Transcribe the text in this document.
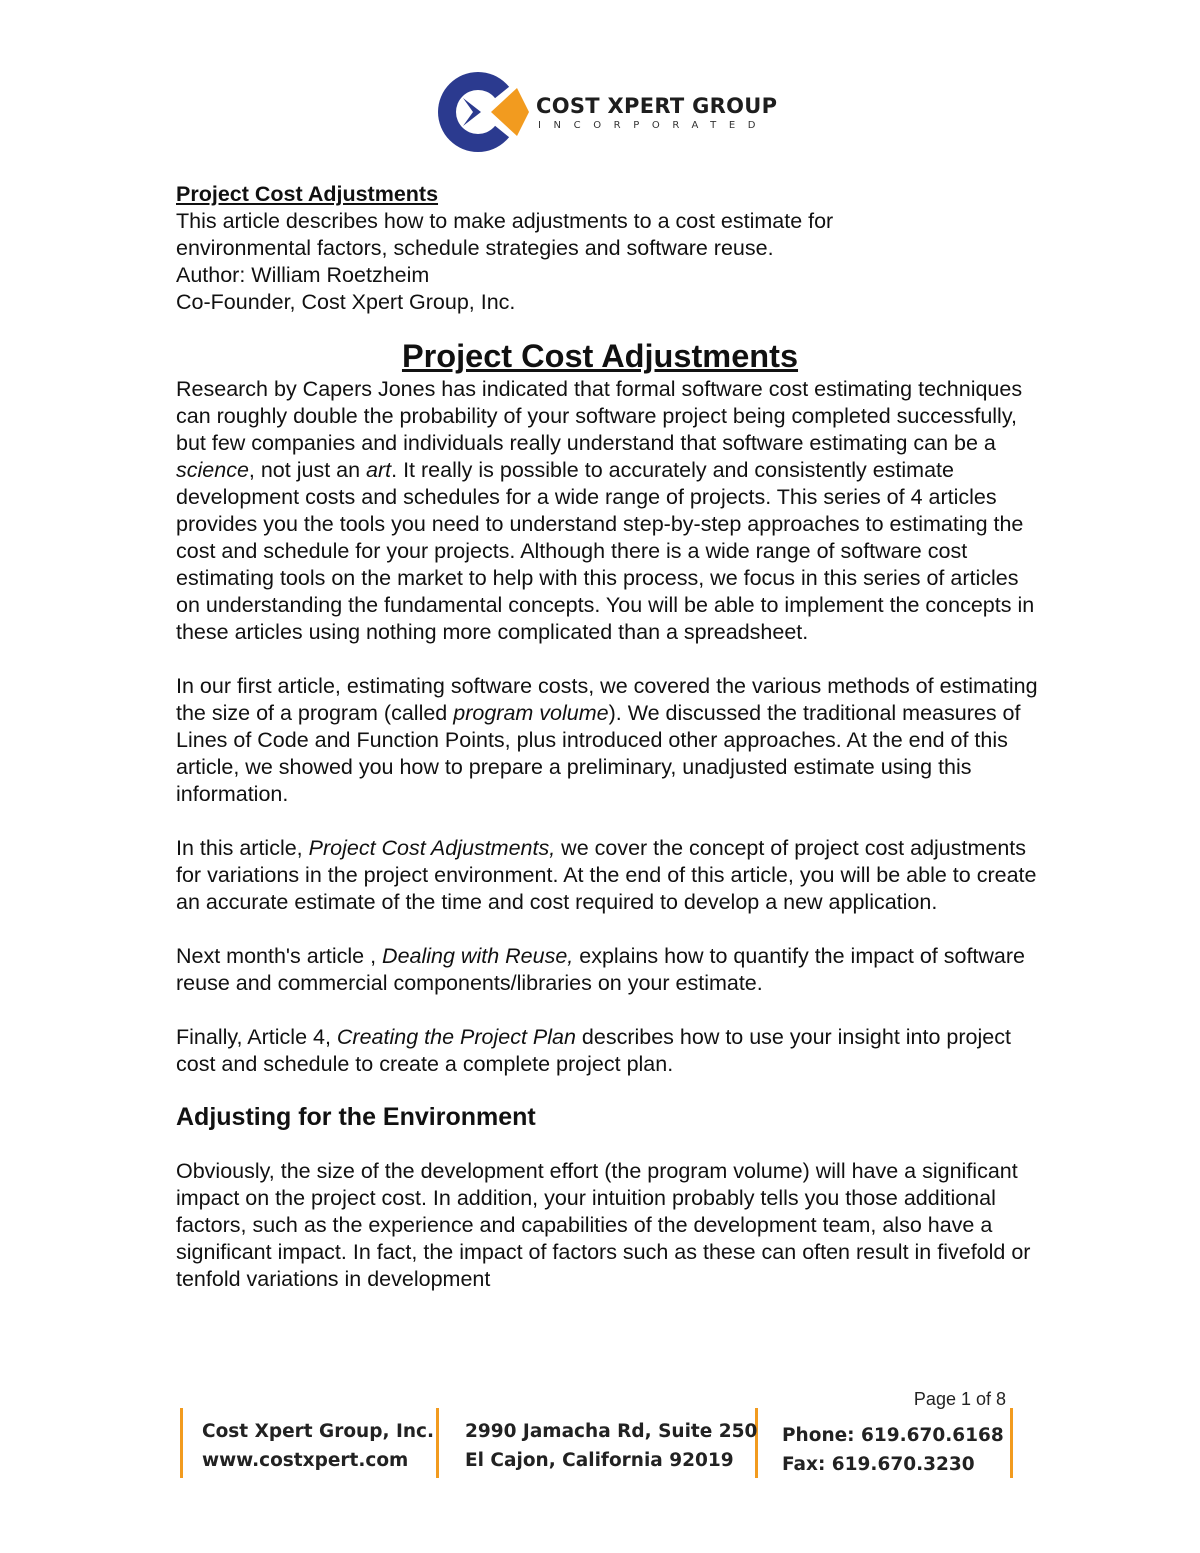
COST XPERT GROUP
INCORPORATED

Project Cost Adjustments

This article describes how to make adjustments to a cost estimate for

environmental factors, schedule strategies and software reuse.

Author: William Roetzheim

Co-Founder, Cost Xpert Group, Inc.

Project Cost Adjustments

Research by Capers Jones has indicated that formal software cost estimating techniques can roughly double the probability of your software project being completed successfully, but few companies and individuals really understand that software estimating can be a science, not just an art. It really is possible to accurately and consistently estimate development costs and schedules for a wide range of projects. This series of 4 articles provides you the tools you need to understand step-by-step approaches to estimating the cost and schedule for your projects. Although there is a wide range of software cost estimating tools on the market to help with this process, we focus in this series of articles on understanding the fundamental concepts. You will be able to implement the concepts in these articles using nothing more complicated than a spreadsheet.

In our first article, estimating software costs, we covered the various methods of estimating the size of a program (called program volume). We discussed the traditional measures of Lines of Code and Function Points, plus introduced other approaches. At the end of this article, we showed you how to prepare a preliminary, unadjusted estimate using this information.

In this article, Project Cost Adjustments, we cover the concept of project cost adjustments for variations in the project environment. At the end of this article, you will be able to create an accurate estimate of the time and cost required to develop a new application.

Next month's article , Dealing with Reuse, explains how to quantify the impact of software reuse and commercial components/libraries on your estimate.

Finally, Article 4, Creating the Project Plan describes how to use your insight into project cost and schedule to create a complete project plan.

Adjusting for the Environment

Obviously, the size of the development effort (the program volume) will have a significant impact on the project cost. In addition, your intuition probably tells you those additional factors, such as the experience and capabilities of the development team, also have a significant impact. In fact, the impact of factors such as these can often result in fivefold or tenfold variations in development

Page 1 of 8
Cost Xpert Group, Inc.
www.costxpert.com
2990 Jamacha Rd, Suite 250
El Cajon, California 92019
Phone: 619.670.6168
Fax: 619.670.3230
